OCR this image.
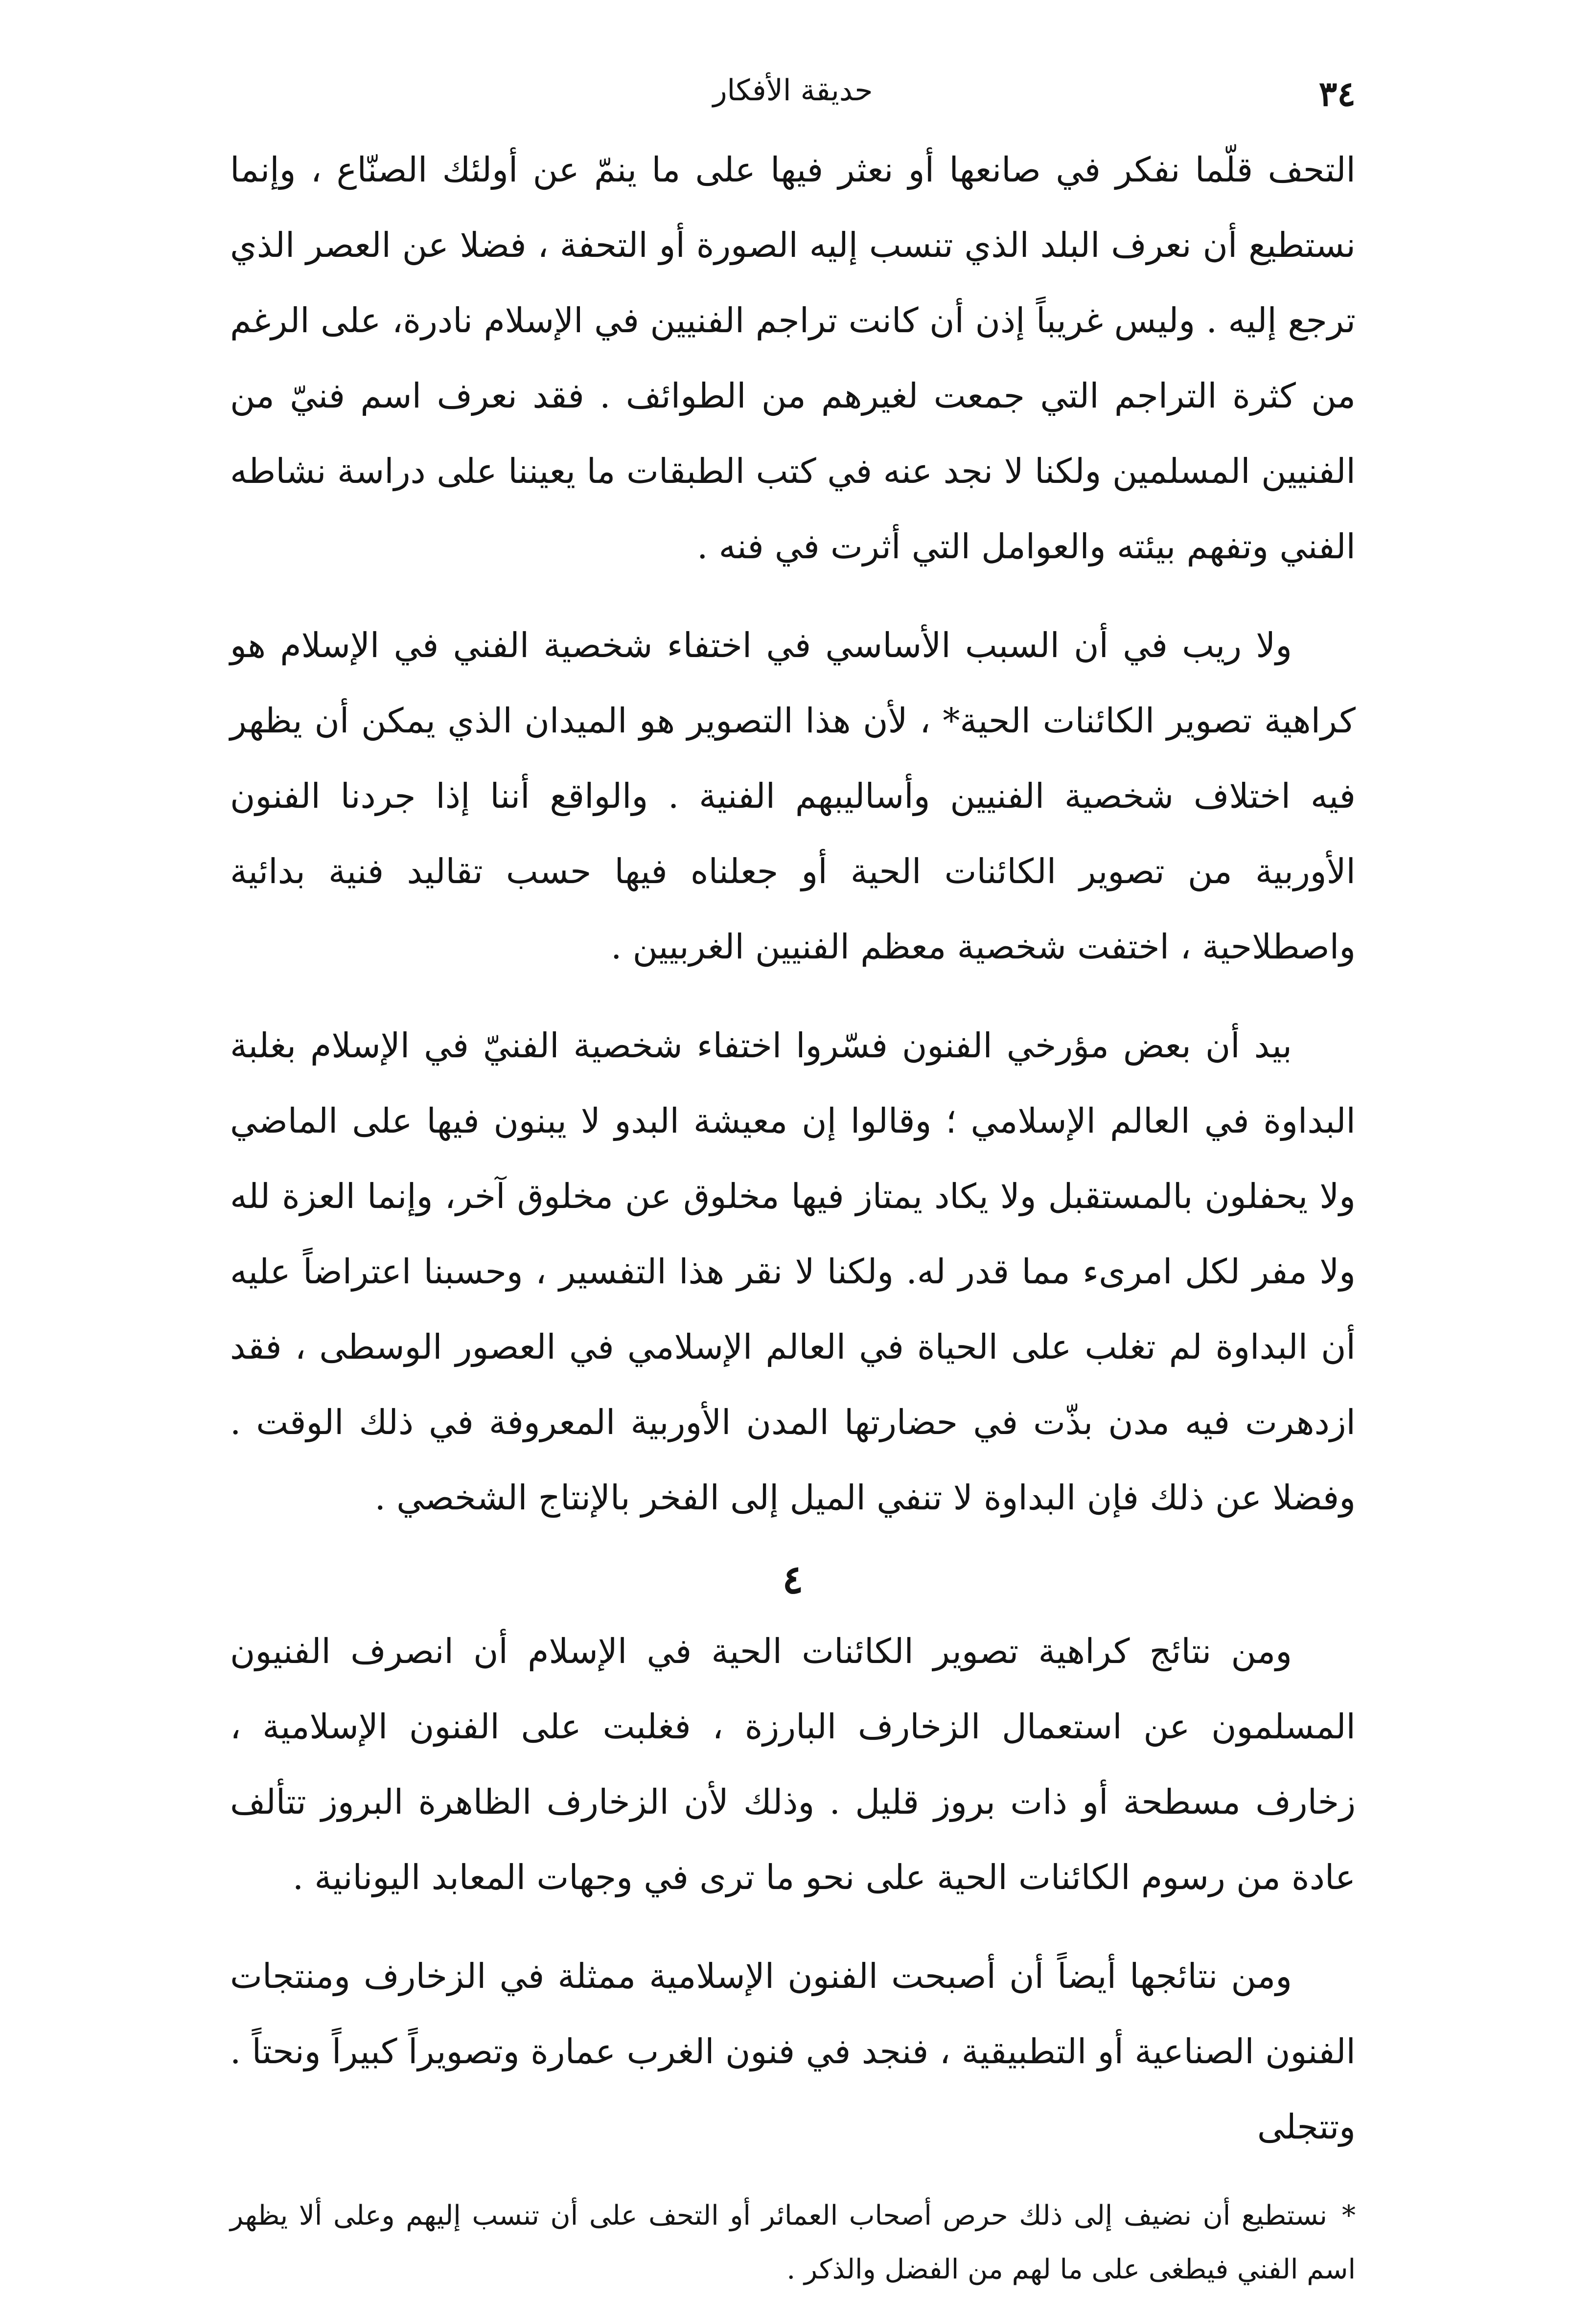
٣٤
حديقة الأفكار

التحف قلّما نفكر في صانعها أو نعثر فيها على ما ينمّ عن أولئك الصنّاع ، وإنما نستطيع أن نعرف البلد الذي تنسب إليه الصورة أو التحفة ، فضلا عن العصر الذي ترجع إليه . وليس غريباً إذن أن كانت تراجم الفنيين في الإسلام نادرة، على الرغم من كثرة التراجم التي جمعت لغيرهم من الطوائف . فقد نعرف اسم فنيّ من الفنيين المسلمين ولكنا لا نجد عنه في كتب الطبقات ما يعيننا على دراسة نشاطه الفني وتفهم بيئته والعوامل التي أثرت في فنه .

ولا ريب في أن السبب الأساسي في اختفاء شخصية الفني في الإسلام هو كراهية تصوير الكائنات الحية* ، لأن هذا التصوير هو الميدان الذي يمكن أن يظهر فيه اختلاف شخصية الفنيين وأساليبهم الفنية . والواقع أننا إذا جردنا الفنون الأوربية من تصوير الكائنات الحية أو جعلناه فيها حسب تقاليد فنية بدائية واصطلاحية ، اختفت شخصية معظم الفنيين الغربيين .

بيد أن بعض مؤرخي الفنون فسّروا اختفاء شخصية الفنيّ في الإسلام بغلبة البداوة في العالم الإسلامي ؛ وقالوا إن معيشة البدو لا يبنون فيها على الماضي ولا يحفلون بالمستقبل ولا يكاد يمتاز فيها مخلوق عن مخلوق آخر، وإنما العزة لله ولا مفر لكل امرىء مما قدر له. ولكنا لا نقر هذا التفسير ، وحسبنا اعتراضاً عليه أن البداوة لم تغلب على الحياة في العالم الإسلامي في العصور الوسطى ، فقد ازدهرت فيه مدن بذّت في حضارتها المدن الأوربية المعروفة في ذلك الوقت . وفضلا عن ذلك فإن البداوة لا تنفي الميل إلى الفخر بالإنتاج الشخصي .

٤

ومن نتائج كراهية تصوير الكائنات الحية في الإسلام أن انصرف الفنيون المسلمون عن استعمال الزخارف البارزة ، فغلبت على الفنون الإسلامية ، زخارف مسطحة أو ذات بروز قليل . وذلك لأن الزخارف الظاهرة البروز تتألف عادة من رسوم الكائنات الحية على نحو ما ترى في وجهات المعابد اليونانية .

ومن نتائجها أيضاً أن أصبحت الفنون الإسلامية ممثلة في الزخارف ومنتجات الفنون الصناعية أو التطبيقية ، فنجد في فنون الغرب عمارة وتصويراً كبيراً ونحتاً . وتتجلى

*نستطيع أن نضيف إلى ذلك حرص أصحاب العمائر أو التحف على أن تنسب إليهم وعلى ألا يظهر اسم الفني فيطغى على ما لهم من الفضل والذكر .
